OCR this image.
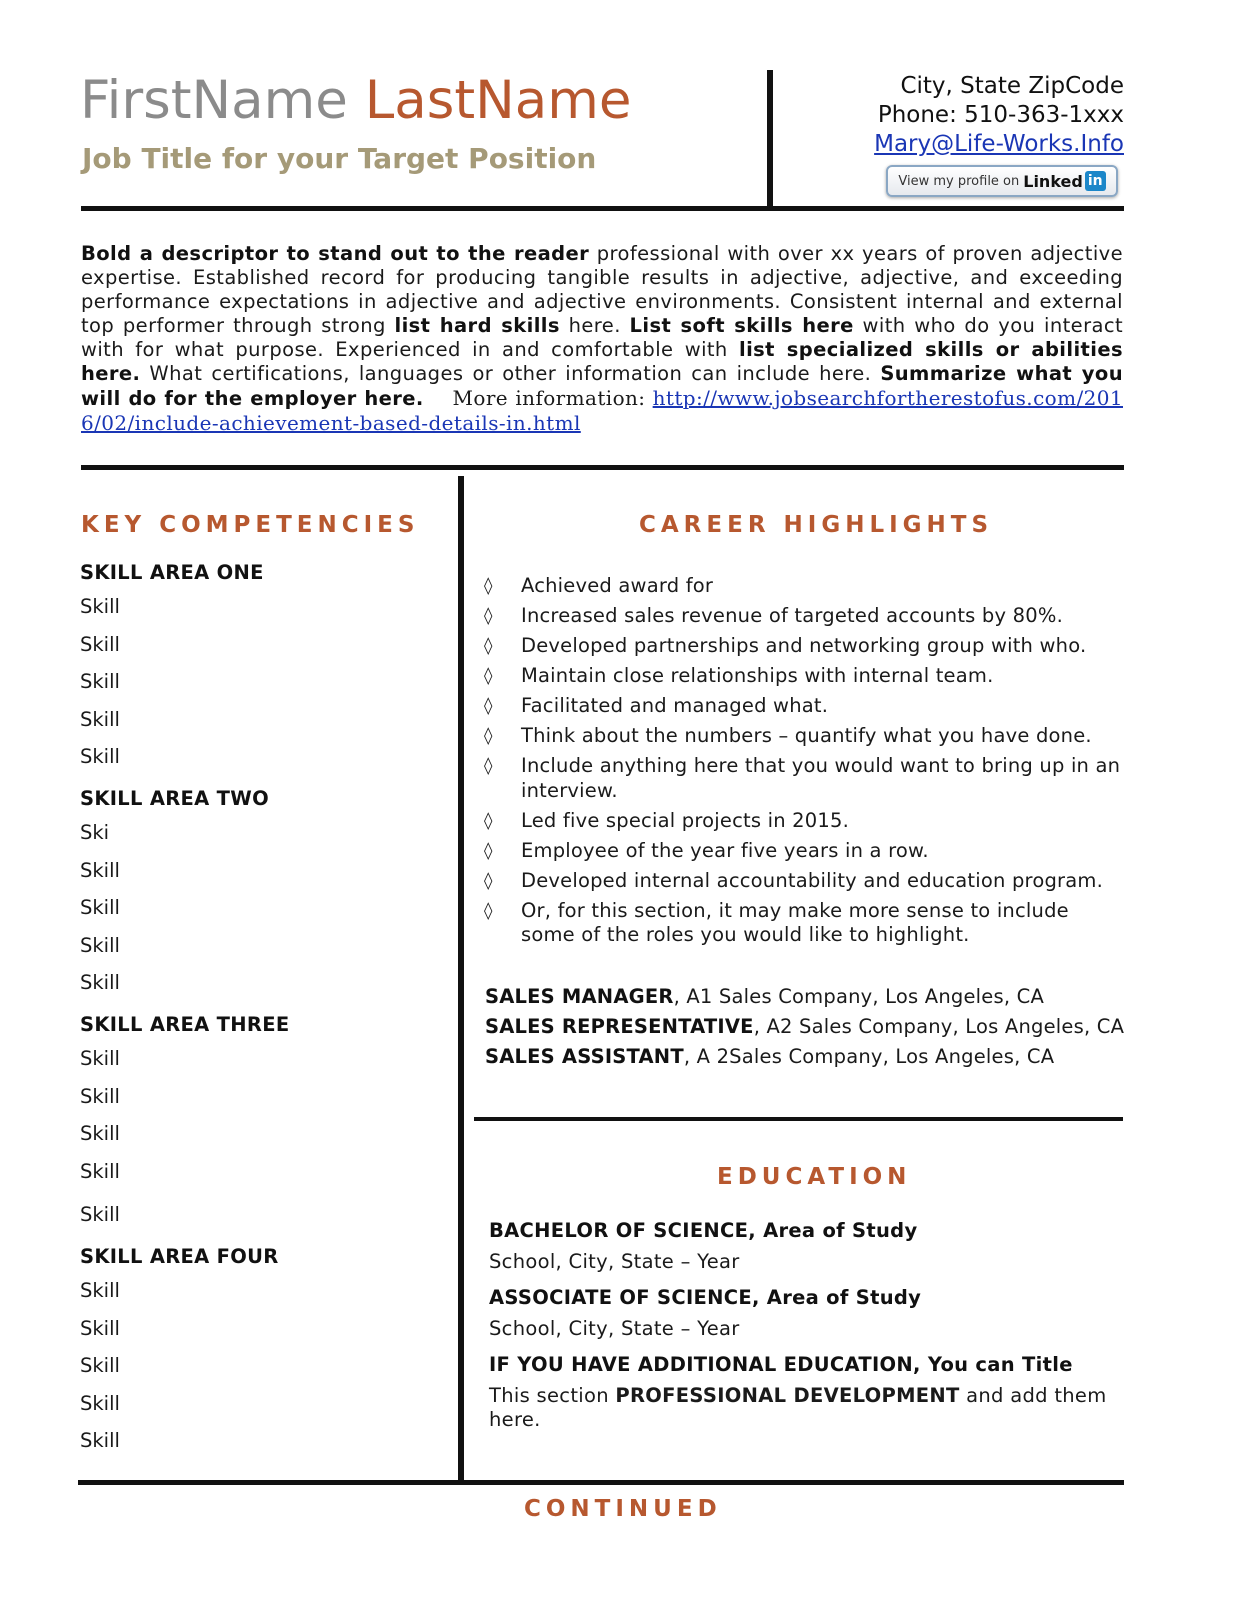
FirstName LastName
Job Title for your Target Position
City, State ZipCode
Phone: 510-363-1xxx
Mary@Life-Works.Info
View my profile on Linked in
Bold a descriptor to stand out to the reader professional with over xx years of proven adjective expertise. Established record for producing tangible results in adjective, adjective, and exceeding performance expectations in adjective and adjective environments. Consistent internal and external top performer through strong list hard skills here. List soft skills here with who do you interact with for what purpose. Experienced in and comfortable with list specialized skills or abilities here. What certifications, languages or other information can include here. Summarize what you will do for the employer here. More information: http://www.jobsearchfortherestofus.com/2016/02/include-achievement-based-details-in.html
KEY COMPETENCIES
SKILL AREA ONE
Skill
Skill
Skill
Skill
Skill
SKILL AREA TWO
Ski
Skill
Skill
Skill
Skill
SKILL AREA THREE
Skill
Skill
Skill
Skill
Skill
SKILL AREA FOUR
Skill
Skill
Skill
Skill
Skill
CAREER HIGHLIGHTS
◊ Achieved award for
◊ Increased sales revenue of targeted accounts by 80%.
◊ Developed partnerships and networking group with who.
◊ Maintain close relationships with internal team.
◊ Facilitated and managed what.
◊ Think about the numbers – quantify what you have done.
◊ Include anything here that you would want to bring up in an interview.
◊ Led five special projects in 2015.
◊ Employee of the year five years in a row.
◊ Developed internal accountability and education program.
◊ Or, for this section, it may make more sense to include some of the roles you would like to highlight.
SALES MANAGER, A1 Sales Company, Los Angeles, CA
SALES REPRESENTATIVE, A2 Sales Company, Los Angeles, CA
SALES ASSISTANT, A 2Sales Company, Los Angeles, CA
EDUCATION

BACHELOR OF SCIENCE, Area of Study

School, City, State – Year

ASSOCIATE OF SCIENCE, Area of Study

School, City, State – Year

IF YOU HAVE ADDITIONAL EDUCATION, You can Title

This section PROFESSIONAL DEVELOPMENT and add them here.

CONTINUED
